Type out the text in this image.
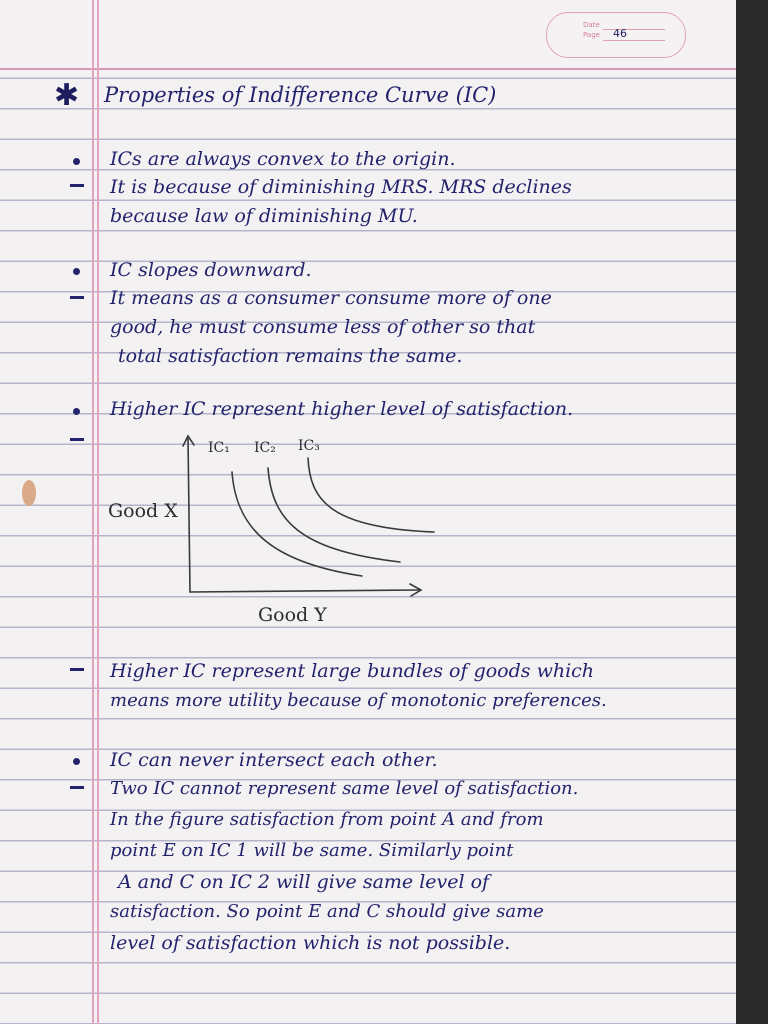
Date
Page 46
✱ Properties of Indifference Curve (IC)
ICs are always convex to the origin.
It is because of diminishing MRS. MRS declines
because law of diminishing MU.
IC slopes downward.
It means as a consumer consume more of one
good, he must consume less of other so that
total satisfaction remains the same.
Higher IC represent higher level of satisfaction.
IC₁ IC₂ IC₃
Good X
Good Y
Higher IC represent large bundles of goods which
means more utility because of monotonic preferences.
IC can never intersect each other.
Two IC cannot represent same level of satisfaction.
In the figure satisfaction from point A and from
point E on IC 1 will be same. Similarly point
A and C on IC 2 will give same level of
satisfaction. So point E and C should give same
level of satisfaction which is not possible.
